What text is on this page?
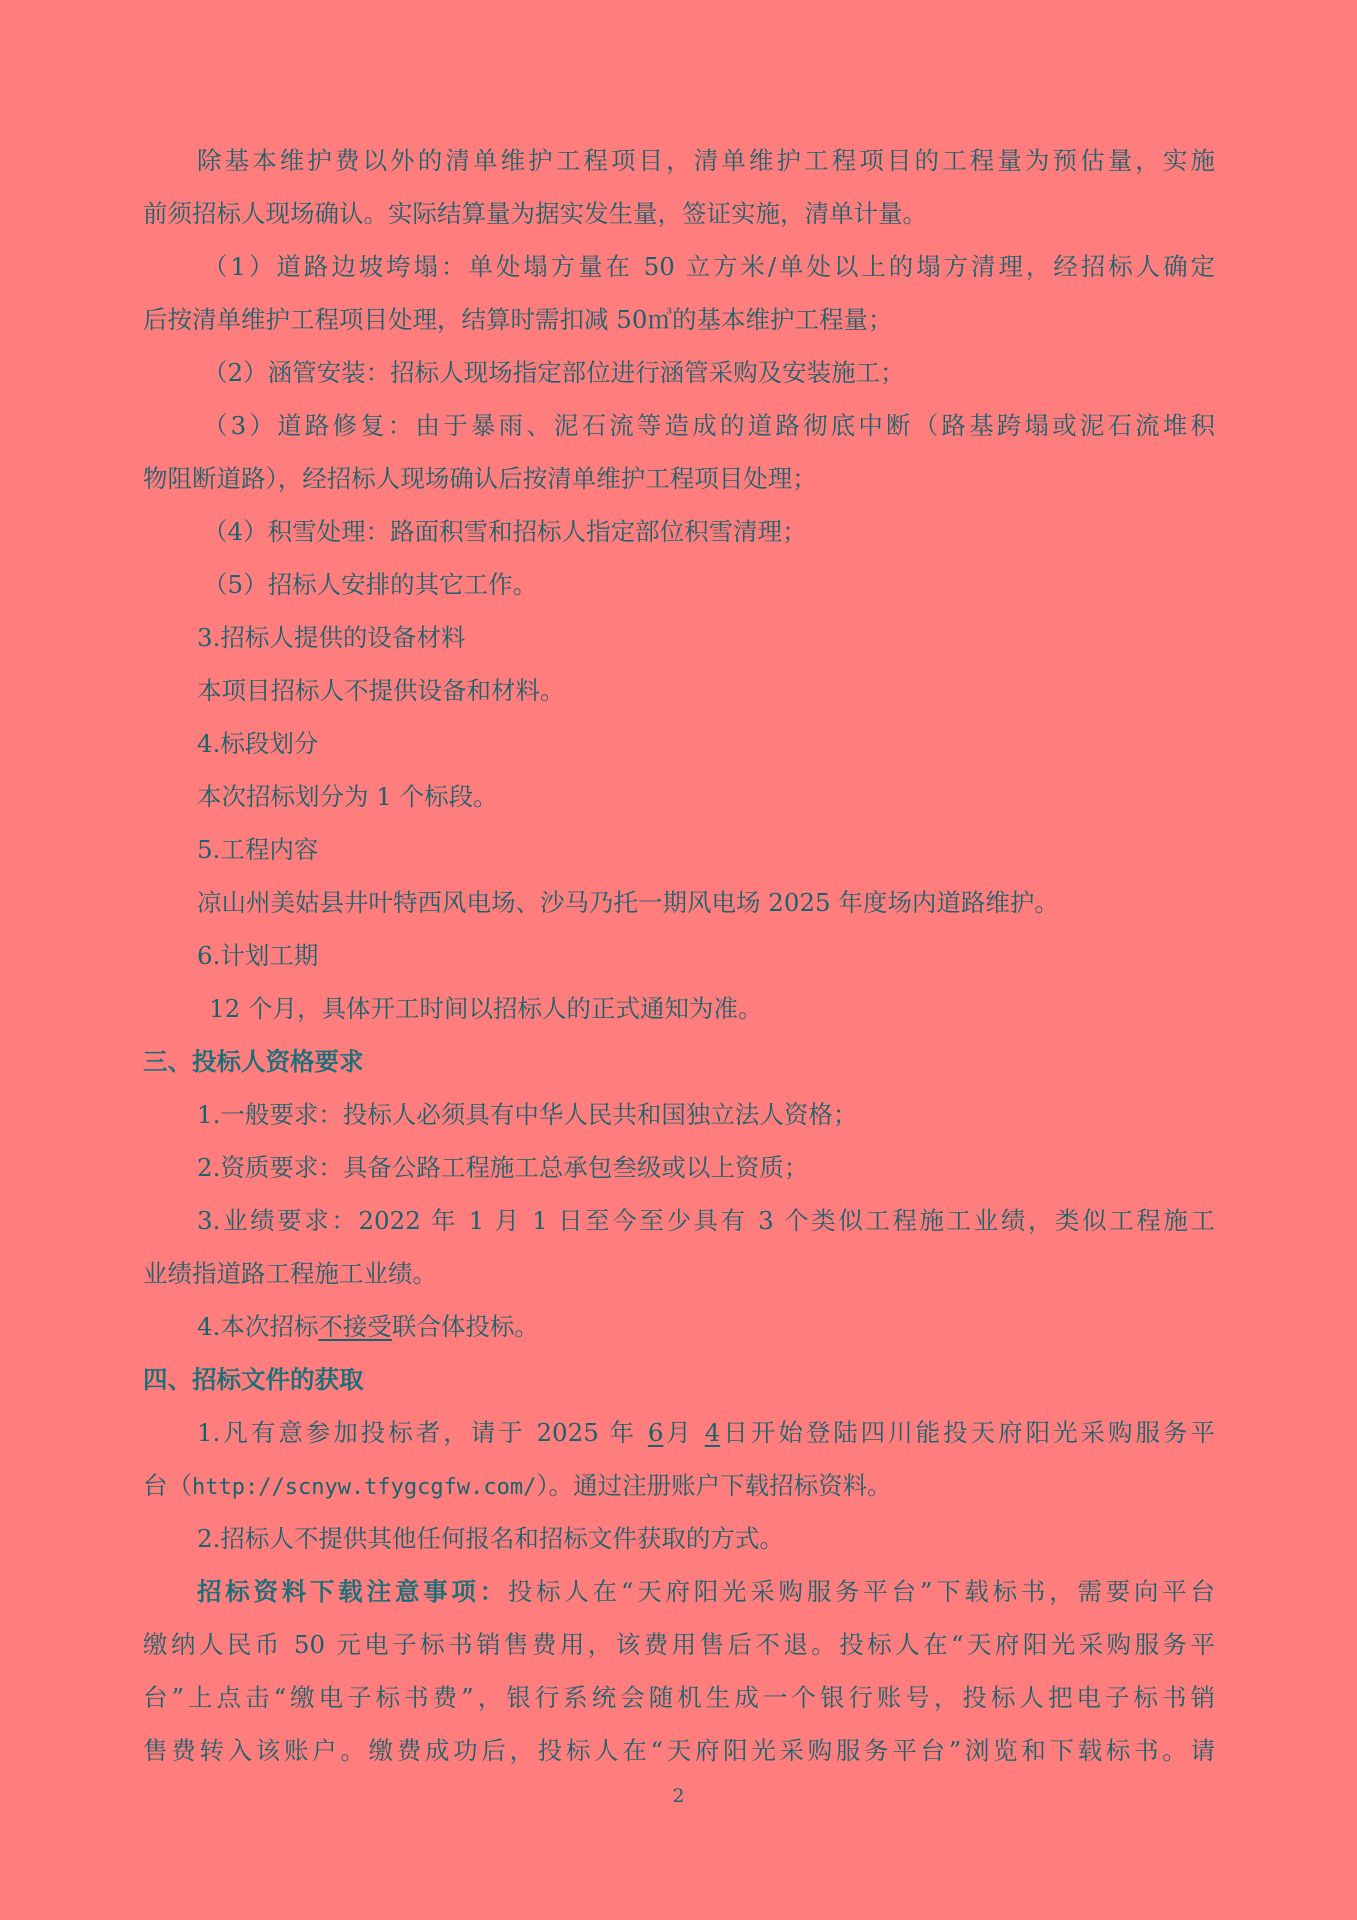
除基本维护费以外的清单维护工程项目，清单维护工程项目的工程量为预估量，实施
前须招标人现场确认。实际结算量为据实发生量，签证实施，清单计量。
（1）道路边坡垮塌：单处塌方量在 50 立方米/单处以上的塌方清理，经招标人确定
后按清单维护工程项目处理，结算时需扣减 50㎥的基本维护工程量；
（2）涵管安装：招标人现场指定部位进行涵管采购及安装施工；
（3）道路修复：由于暴雨、泥石流等造成的道路彻底中断（路基跨塌或泥石流堆积
物阻断道路），经招标人现场确认后按清单维护工程项目处理；
（4）积雪处理：路面积雪和招标人指定部位积雪清理；
（5）招标人安排的其它工作。
3.招标人提供的设备材料
本项目招标人不提供设备和材料。
4.标段划分
本次招标划分为 1 个标段。
5.工程内容
凉山州美姑县井叶特西风电场、沙马乃托一期风电场 2025 年度场内道路维护。
6.计划工期
12 个月，具体开工时间以招标人的正式通知为准。
三、投标人资格要求
1.一般要求：投标人必须具有中华人民共和国独立法人资格；
2.资质要求：具备公路工程施工总承包叁级或以上资质；
3.业绩要求：2022 年 1 月 1 日至今至少具有 3 个类似工程施工业绩，类似工程施工
业绩指道路工程施工业绩。
4.本次招标不接受联合体投标。
四、招标文件的获取
1.凡有意参加投标者，请于 2025 年 6月 4日开始登陆四川能投天府阳光采购服务平
台（http://scnyw.tfygcgfw.com/）。通过注册账户下载招标资料。
2.招标人不提供其他任何报名和招标文件获取的方式。
招标资料下载注意事项：投标人在“天府阳光采购服务平台”下载标书，需要向平台
缴纳人民币 50 元电子标书销售费用，该费用售后不退。投标人在“天府阳光采购服务平
台”上点击“缴电子标书费”，银行系统会随机生成一个银行账号，投标人把电子标书销
售费转入该账户。缴费成功后，投标人在“天府阳光采购服务平台”浏览和下载标书。请
2
